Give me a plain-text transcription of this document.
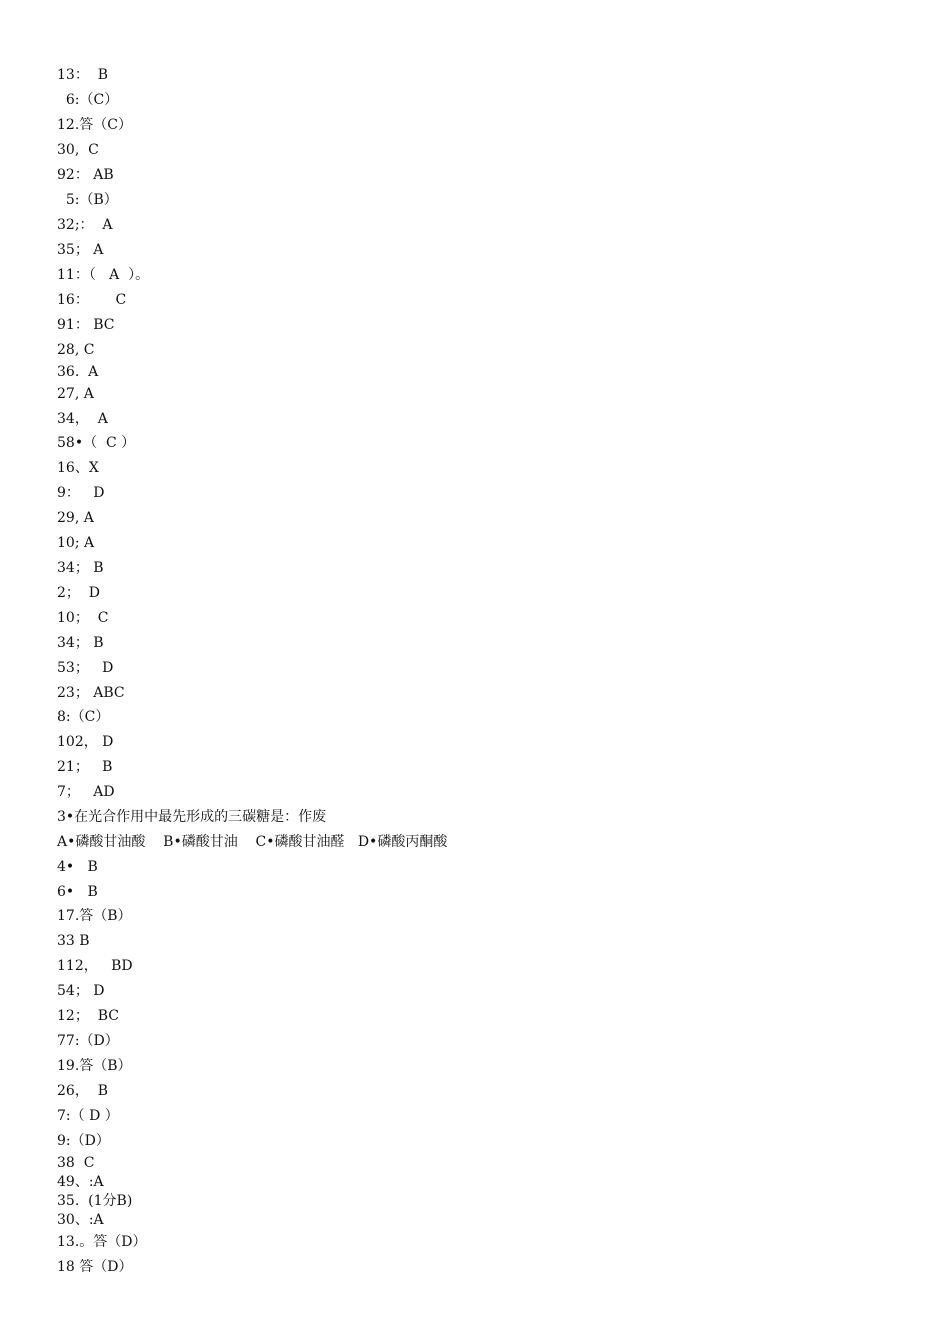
13：  B
6:（C）
12.答（C）
30,  C
92： AB
5:（B）
32;：  A
35； A
11：（   A  ）。
16：      C
91： BC
28, C
36.  A
27, A
34，  A
58•（  C ）
16、X
9：   D
29, A
10; A
34； B
2；  D
10；  C
34； B
53；   D
23； ABC
8:（C）
102， D
21；   B
7；   AD
3•在光合作用中最先形成的三碳糖是：作废
A•磷酸甘油酸    B•磷酸甘油    C•磷酸甘油醛   D•磷酸丙酮酸
4•   B
6•   B
17.答（B）
33 B
112，   BD
54； D
12；  BC
77:（D）
19.答（B）
26，  B
7:（ D ）
9:（D）
38  C
49、:A
35.  (1分B)
30、:A
13.。答（D）
18 答（D）
